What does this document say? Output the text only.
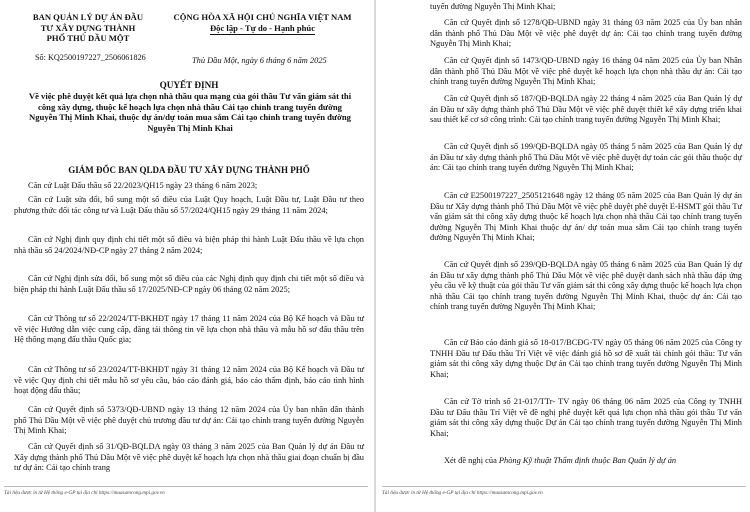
BAN QUẢN LÝ DỰ ÁN ĐẦU
TƯ XÂY DỰNG THÀNH
PHỐ THỦ DẦU MỘT
CỘNG HÒA XÃ HỘI CHỦ NGHĨA VIỆT NAM
Độc lập - Tự do - Hạnh phúc
Số: KQ2500197227_2506061826	Thủ Dầu Một, ngày 6 tháng 6 năm 2025
QUYẾT ĐỊNH
Về việc phê duyệt kết quả lựa chọn nhà thầu qua mạng của gói thầu Tư vấn giám sát thi công xây dựng, thuộc kế hoạch lựa chọn nhà thầu Cải tạo chỉnh trang tuyến đường Nguyễn Thị Minh Khai, thuộc dự án/dự toán mua sắm Cải tạo chỉnh trang tuyến đường Nguyễn Thị Minh Khai
GIÁM ĐỐC BAN QLDA ĐẦU TƯ XÂY DỰNG THÀNH PHỐ

Căn cứ Luật Đấu thầu số 22/2023/QH15 ngày 23 tháng 6 năm 2023;

Căn cứ Luật sửa đổi, bổ sung một số điều của Luật Quy hoạch, Luật Đầu tư, Luật Đầu tư theo phương thức đối tác công tư và Luật Đấu thầu số 57/2024/QH15 ngày 29 tháng 11 năm 2024;

Căn cứ Nghị định quy định chi tiết một số điều và biện pháp thi hành Luật Đấu thầu về lựa chọn nhà thầu số 24/2024/NĐ-CP ngày 27 tháng 2 năm 2024;

Căn cứ Nghị định sửa đổi, bổ sung một số điều của các Nghị định quy định chi tiết một số điều và biện pháp thi hành Luật Đấu thầu số 17/2025/NĐ-CP ngày 06 tháng 02 năm 2025;

Căn cứ Thông tư số 22/2024/TT-BKHĐT ngày 17 tháng 11 năm 2024 của Bộ Kế hoạch và Đầu tư về việc Hướng dẫn việc cung cấp, đăng tải thông tin về lựa chọn nhà thầu và mẫu hồ sơ đấu thầu trên Hệ thống mạng đấu thầu Quốc gia;

Căn cứ Thông tư số 23/2024/TT-BKHĐT ngày 31 tháng 12 năm 2024 của Bộ Kế hoạch và Đầu tư về việc Quy định chi tiết mẫu hồ sơ yêu cầu, báo cáo đánh giá, báo cáo thẩm định, báo cáo tình hình hoạt động đấu thầu;

Căn cứ Quyết định số 5373/QĐ-UBND ngày 13 tháng 12 năm 2024 của Ủy ban nhân dân thành phố Thủ Dầu Một về việc phê duyệt chủ trương đầu tư dự án: Cải tạo chỉnh trang tuyến đường Nguyễn Thị Minh Khai;

Căn cứ Quyết định số 31/QĐ-BQLDA ngày 03 tháng 3 năm 2025 của Ban Quản lý dự án Đầu tư Xây dựng thành phố Thủ Dầu Một về việc phê duyệt kế hoạch lựa chọn nhà thầu giai đoạn chuẩn bị đầu tư dự án: Cải tạo chỉnh trang

Tài liệu được in từ Hệ thống e-GP tại địa chỉ https://muasamcong.mpi.gov.vn

tuyến đường Nguyễn Thị Minh Khai;

Căn cứ Quyết định số 1278/QĐ-UBND ngày 31 tháng 03 năm 2025 của Ủy ban nhân dân thành phố Thủ Dầu Một về việc phê duyệt dự án: Cải tạo chỉnh trang tuyến đường Nguyễn Thị Minh Khai;

Căn cứ Quyết định số 1473/QĐ-UBND ngày 16 tháng 04 năm 2025 của Ủy ban Nhân dân thành phố Thủ Dầu Một về việc phê duyệt kế hoạch lựa chọn nhà thầu dự án: Cải tạo chỉnh trang tuyến đường Nguyễn Thị Minh Khai;

Căn cứ Quyết định số 187/QĐ-BQLDA ngày 22 tháng 4 năm 2025 của Ban Quản lý dự án Đầu tư xây dựng thành phố Thủ Dầu Một về việc phê duyệt thiết kế xây dựng triển khai sau thiết kế cơ sở công trình: Cải tạo chỉnh trang tuyến đường Nguyễn Thị Minh Khai;

Căn cứ Quyết định số 199/QĐ-BQLDA ngày 05 tháng 5 năm 2025 của Ban Quản lý dự án Đầu tư xây dựng thành phố Thủ Dầu Một về việc phê duyệt dự toán các gói thầu thuộc dự án: Cải tạo chỉnh trang tuyến đường Nguyễn Thị Minh Khai;

Căn cứ E2500197227_2505121648 ngày 12 tháng 05 năm 2025 của Ban Quản lý dự án Đầu tư Xây dựng thành phố Thủ Dầu Một về việc phê duyệt phê duyệt E-HSMT gói thầu Tư vấn giám sát thi công xây dựng thuộc kế hoạch lựa chọn nhà thầu Cải tạo chỉnh trang tuyến đường Nguyễn Thị Minh Khai thuộc dự án/ dự toán mua sắm Cải tạo chỉnh trang tuyến đường Nguyễn Thị Minh Khai;

Căn cứ Quyết định số 239/QĐ-BQLDA ngày 05 tháng 6 năm 2025 của Ban Quản lý dự án Đầu tư xây dựng thành phố Thủ Dầu Một về việc phê duyệt danh sách nhà thầu đáp ứng yêu cầu về kỹ thuật của gói thầu Tư vấn giám sát thi công xây dựng thuộc kế hoạch lựa chọn nhà thầu Cải tạo chỉnh trang tuyến đường Nguyễn Thị Minh Khai, thuộc dự án: Cải tạo chỉnh trang tuyến đường Nguyễn Thị Minh Khai;

Căn cứ Báo cáo đánh giá số 18-017/BCĐG-TV ngày 05 tháng 06 năm 2025 của Công ty TNHH Đầu tư Đấu thầu Trí Việt về việc đánh giá hồ sơ đề xuất tài chính gói thầu: Tư vấn giám sát thi công xây dựng thuộc Dự án Cải tạo chỉnh trang tuyến đường Nguyễn Thị Minh Khai;

Căn cứ Tờ trình số 21-017/TTr- TV ngày 06 tháng 06 năm 2025 của Công ty TNHH Đầu tư Đấu thầu Trí Việt về đề nghị phê duyệt kết quả lựa chọn nhà thầu gói thầu Tư vấn giám sát thi công xây dựng thuộc Dự án Cải tạo chỉnh trang tuyến đường Nguyễn Thị Minh Khai;

Xét đề nghị của Phòng Kỹ thuật Thẩm định thuộc Ban Quản lý dự án

Tài liệu được in từ Hệ thống e-GP tại địa chỉ https://muasamcong.mpi.gov.vn
